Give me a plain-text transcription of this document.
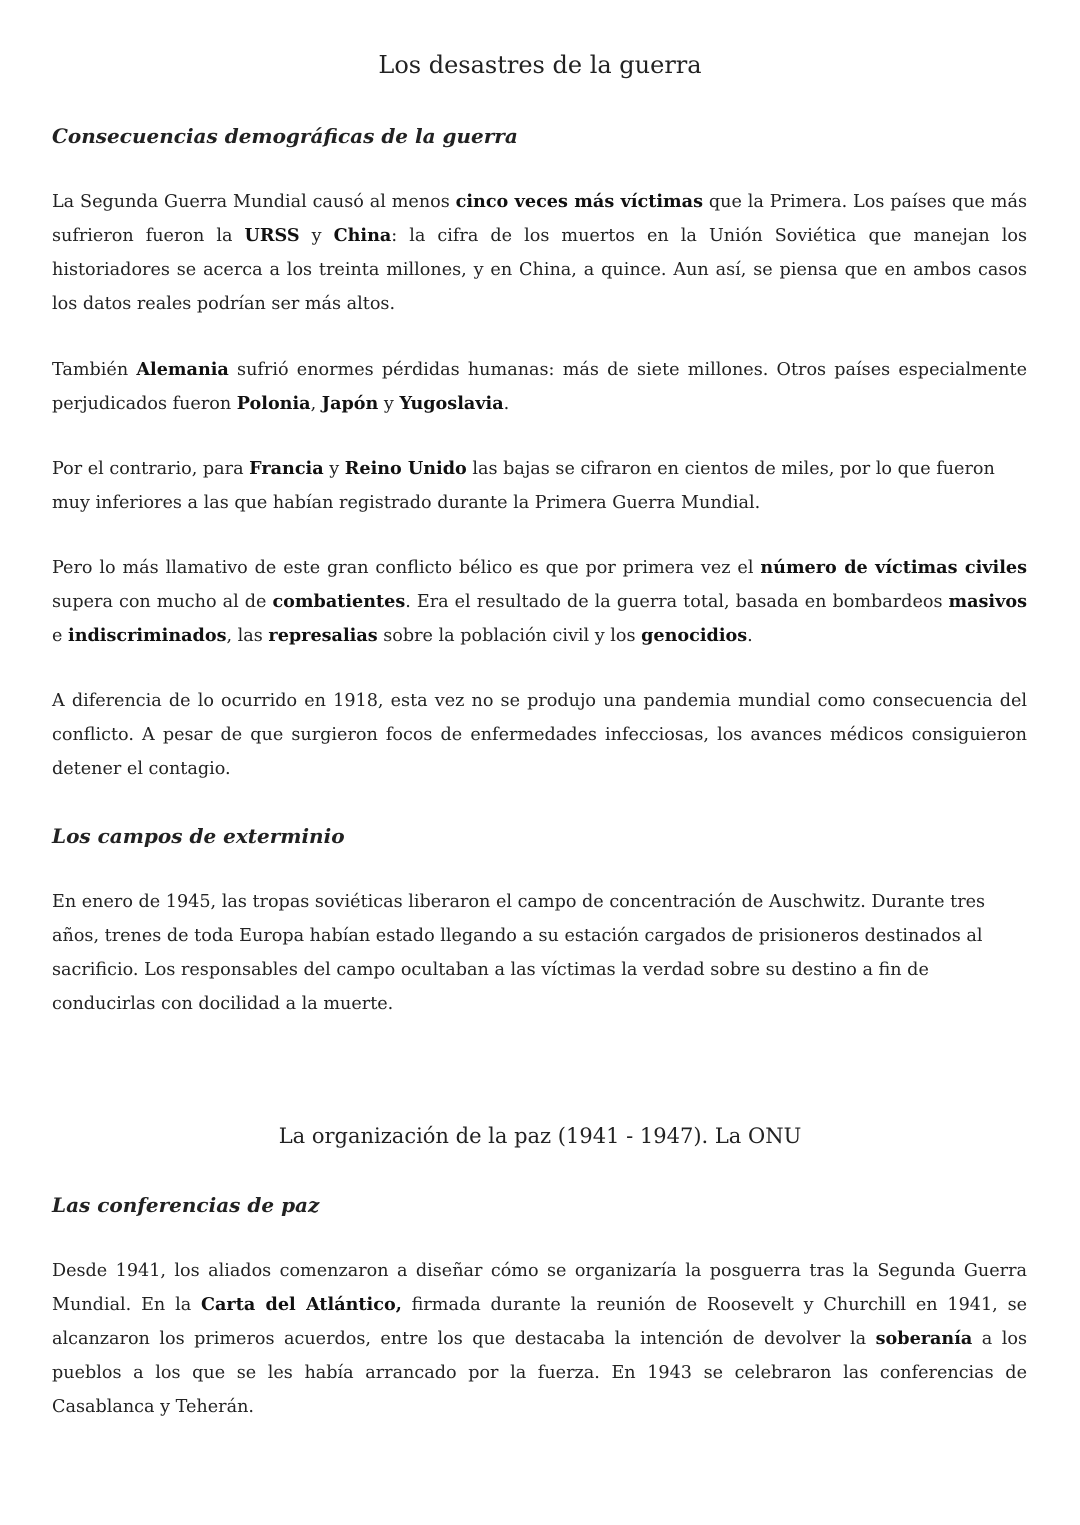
Los desastres de la guerra
Consecuencias demográficas de la guerra

La Segunda Guerra Mundial causó al menos cinco veces más víctimas que la Primera. Los países que más sufrieron fueron la URSS y China: la cifra de los muertos en la Unión Soviética que manejan los historiadores se acerca a los treinta millones, y en China, a quince. Aun así, se piensa que en ambos casos los datos reales podrían ser más altos.

También Alemania sufrió enormes pérdidas humanas: más de siete millones. Otros países especialmente perjudicados fueron Polonia, Japón y Yugoslavia.

Por el contrario, para Francia y Reino Unido las bajas se cifraron en cientos de miles, por lo que fueron muy inferiores a las que habían registrado durante la Primera Guerra Mundial.

Pero lo más llamativo de este gran conflicto bélico es que por primera vez el número de víctimas civiles supera con mucho al de combatientes. Era el resultado de la guerra total, basada en bombardeos masivos e indiscriminados, las represalias sobre la población civil y los genocidios.

A diferencia de lo ocurrido en 1918, esta vez no se produjo una pandemia mundial como consecuencia del conflicto. A pesar de que surgieron focos de enfermedades infecciosas, los avances médicos consiguieron detener el contagio.

Los campos de exterminio

En enero de 1945, las tropas soviéticas liberaron el campo de concentración de Auschwitz. Durante tres años, trenes de toda Europa habían estado llegando a su estación cargados de prisioneros destinados al sacrificio. Los responsables del campo ocultaban a las víctimas la verdad sobre su destino a fin de conducirlas con docilidad a la muerte.

La organización de la paz (1941 - 1947). La ONU
Las conferencias de paz

Desde 1941, los aliados comenzaron a diseñar cómo se organizaría la posguerra tras la Segunda Guerra Mundial. En la Carta del Atlántico, firmada durante la reunión de Roosevelt y Churchill en 1941, se alcanzaron los primeros acuerdos, entre los que destacaba la intención de devolver la soberanía a los pueblos a los que se les había arrancado por la fuerza. En 1943 se celebraron las conferencias de Casablanca y Teherán.
